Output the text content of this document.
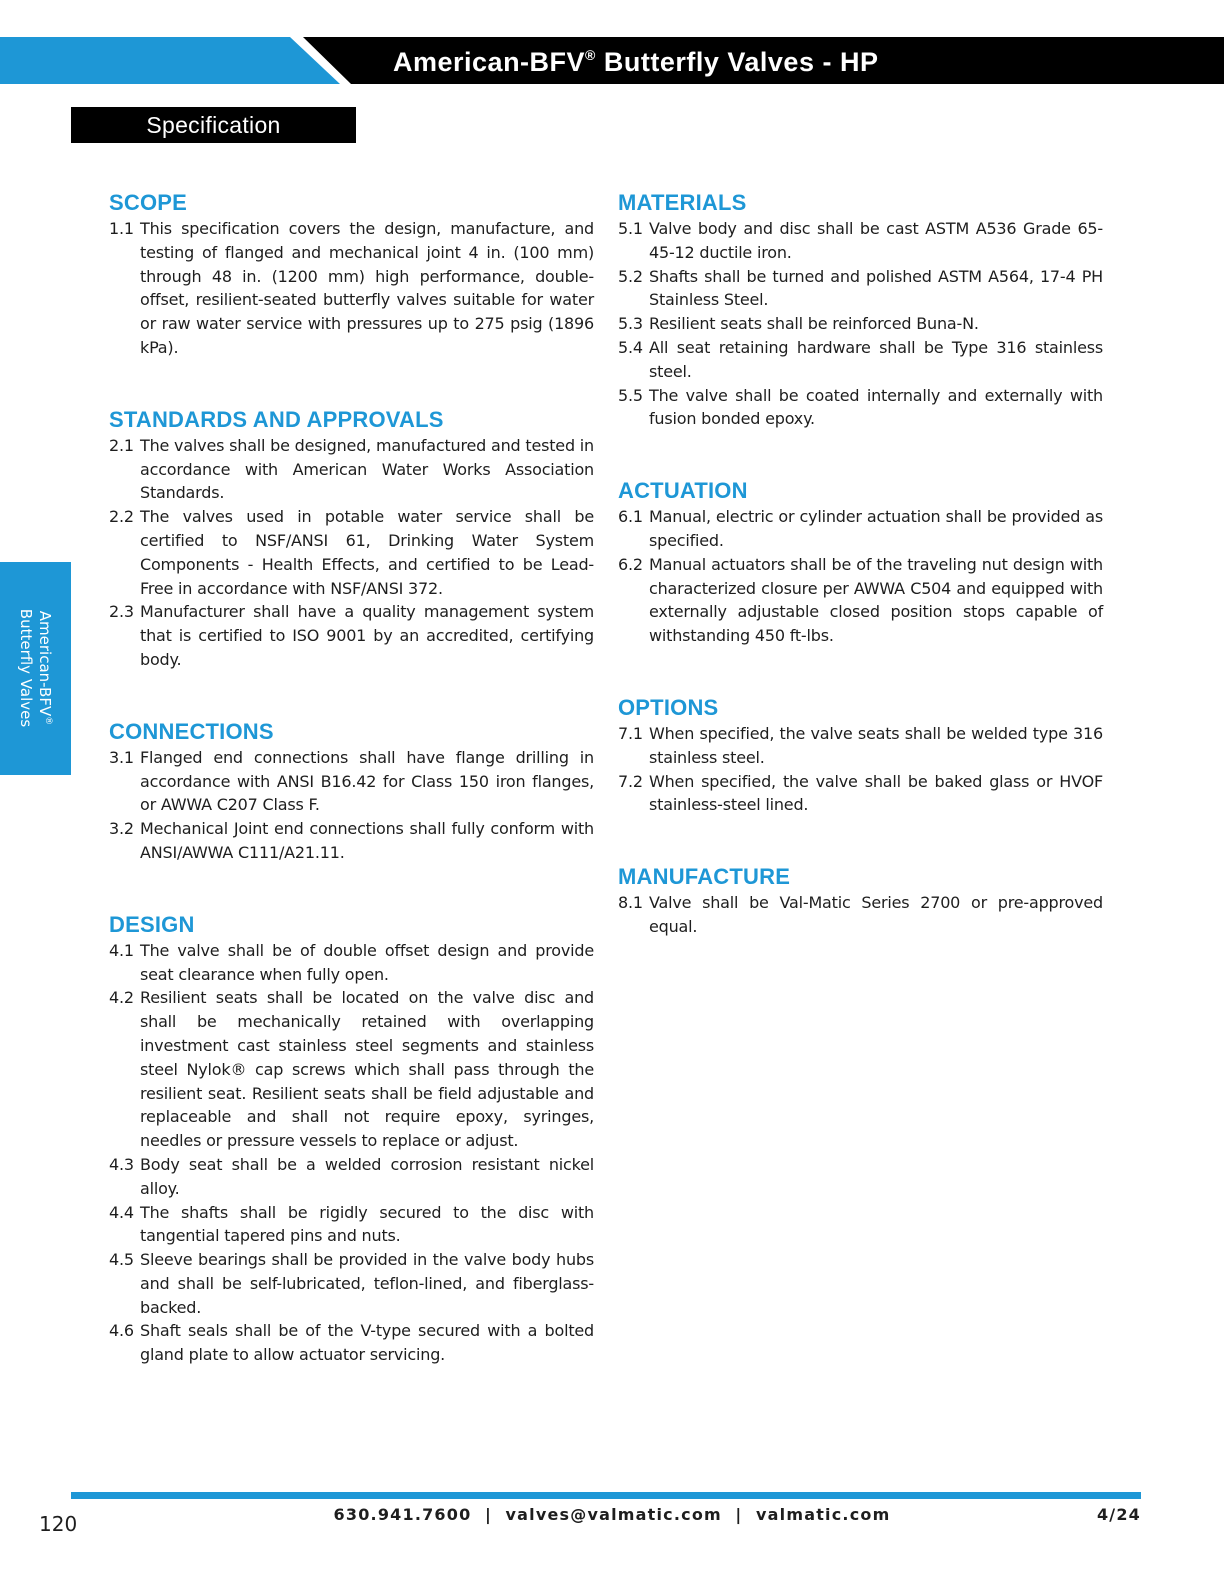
American-BFV® Butterfly Valves - HP
Specification
American-BFV®
Butterfly Valves
SCOPE
1.1 This specification covers the design, manufacture, and testing of flanged and mechanical joint 4 in. (100 mm) through 48 in. (1200 mm) high performance, double-offset, resilient-seated butterfly valves suitable for water or raw water service with pressures up to 275 psig (1896 kPa).
STANDARDS AND APPROVALS
2.1 The valves shall be designed, manufactured and tested in accordance with American Water Works Association Standards.
2.2 The valves used in potable water service shall be certified to NSF/ANSI 61, Drinking Water System Components - Health Effects, and certified to be Lead-Free in accordance with NSF/ANSI 372.
2.3 Manufacturer shall have a quality management system that is certified to ISO 9001 by an accredited, certifying body.
CONNECTIONS
3.1 Flanged end connections shall have flange drilling in accordance with ANSI B16.42 for Class 150 iron flanges, or AWWA C207 Class F.
3.2 Mechanical Joint end connections shall fully conform with ANSI/AWWA C111/A21.11.
DESIGN
4.1 The valve shall be of double offset design and provide seat clearance when fully open.
4.2 Resilient seats shall be located on the valve disc and shall be mechanically retained with overlapping investment cast stainless steel segments and stainless steel Nylok® cap screws which shall pass through the resilient seat. Resilient seats shall be field adjustable and replaceable and shall not require epoxy, syringes, needles or pressure vessels to replace or adjust.
4.3 Body seat shall be a welded corrosion resistant nickel alloy.
4.4 The shafts shall be rigidly secured to the disc with tangential tapered pins and nuts.
4.5 Sleeve bearings shall be provided in the valve body hubs and shall be self-lubricated, teflon-lined, and fiberglass-backed.
4.6 Shaft seals shall be of the V-type secured with a bolted gland plate to allow actuator servicing.
MATERIALS
5.1 Valve body and disc shall be cast ASTM A536 Grade 65-45-12 ductile iron.
5.2 Shafts shall be turned and polished ASTM A564, 17-4 PH Stainless Steel.
5.3 Resilient seats shall be reinforced Buna-N.
5.4 All seat retaining hardware shall be Type 316 stainless steel.
5.5 The valve shall be coated internally and externally with fusion bonded epoxy.
ACTUATION
6.1 Manual, electric or cylinder actuation shall be provided as specified.
6.2 Manual actuators shall be of the traveling nut design with characterized closure per AWWA C504 and equipped with externally adjustable closed position stops capable of withstanding 450 ft-lbs.
OPTIONS
7.1 When specified, the valve seats shall be welded type 316 stainless steel.
7.2 When specified, the valve shall be baked glass or HVOF stainless-steel lined.
MANUFACTURE
8.1 Valve shall be Val-Matic Series 2700 or pre-approved equal.
120	630.941.7600  |  valves@valmatic.com  |  valmatic.com	4/24
